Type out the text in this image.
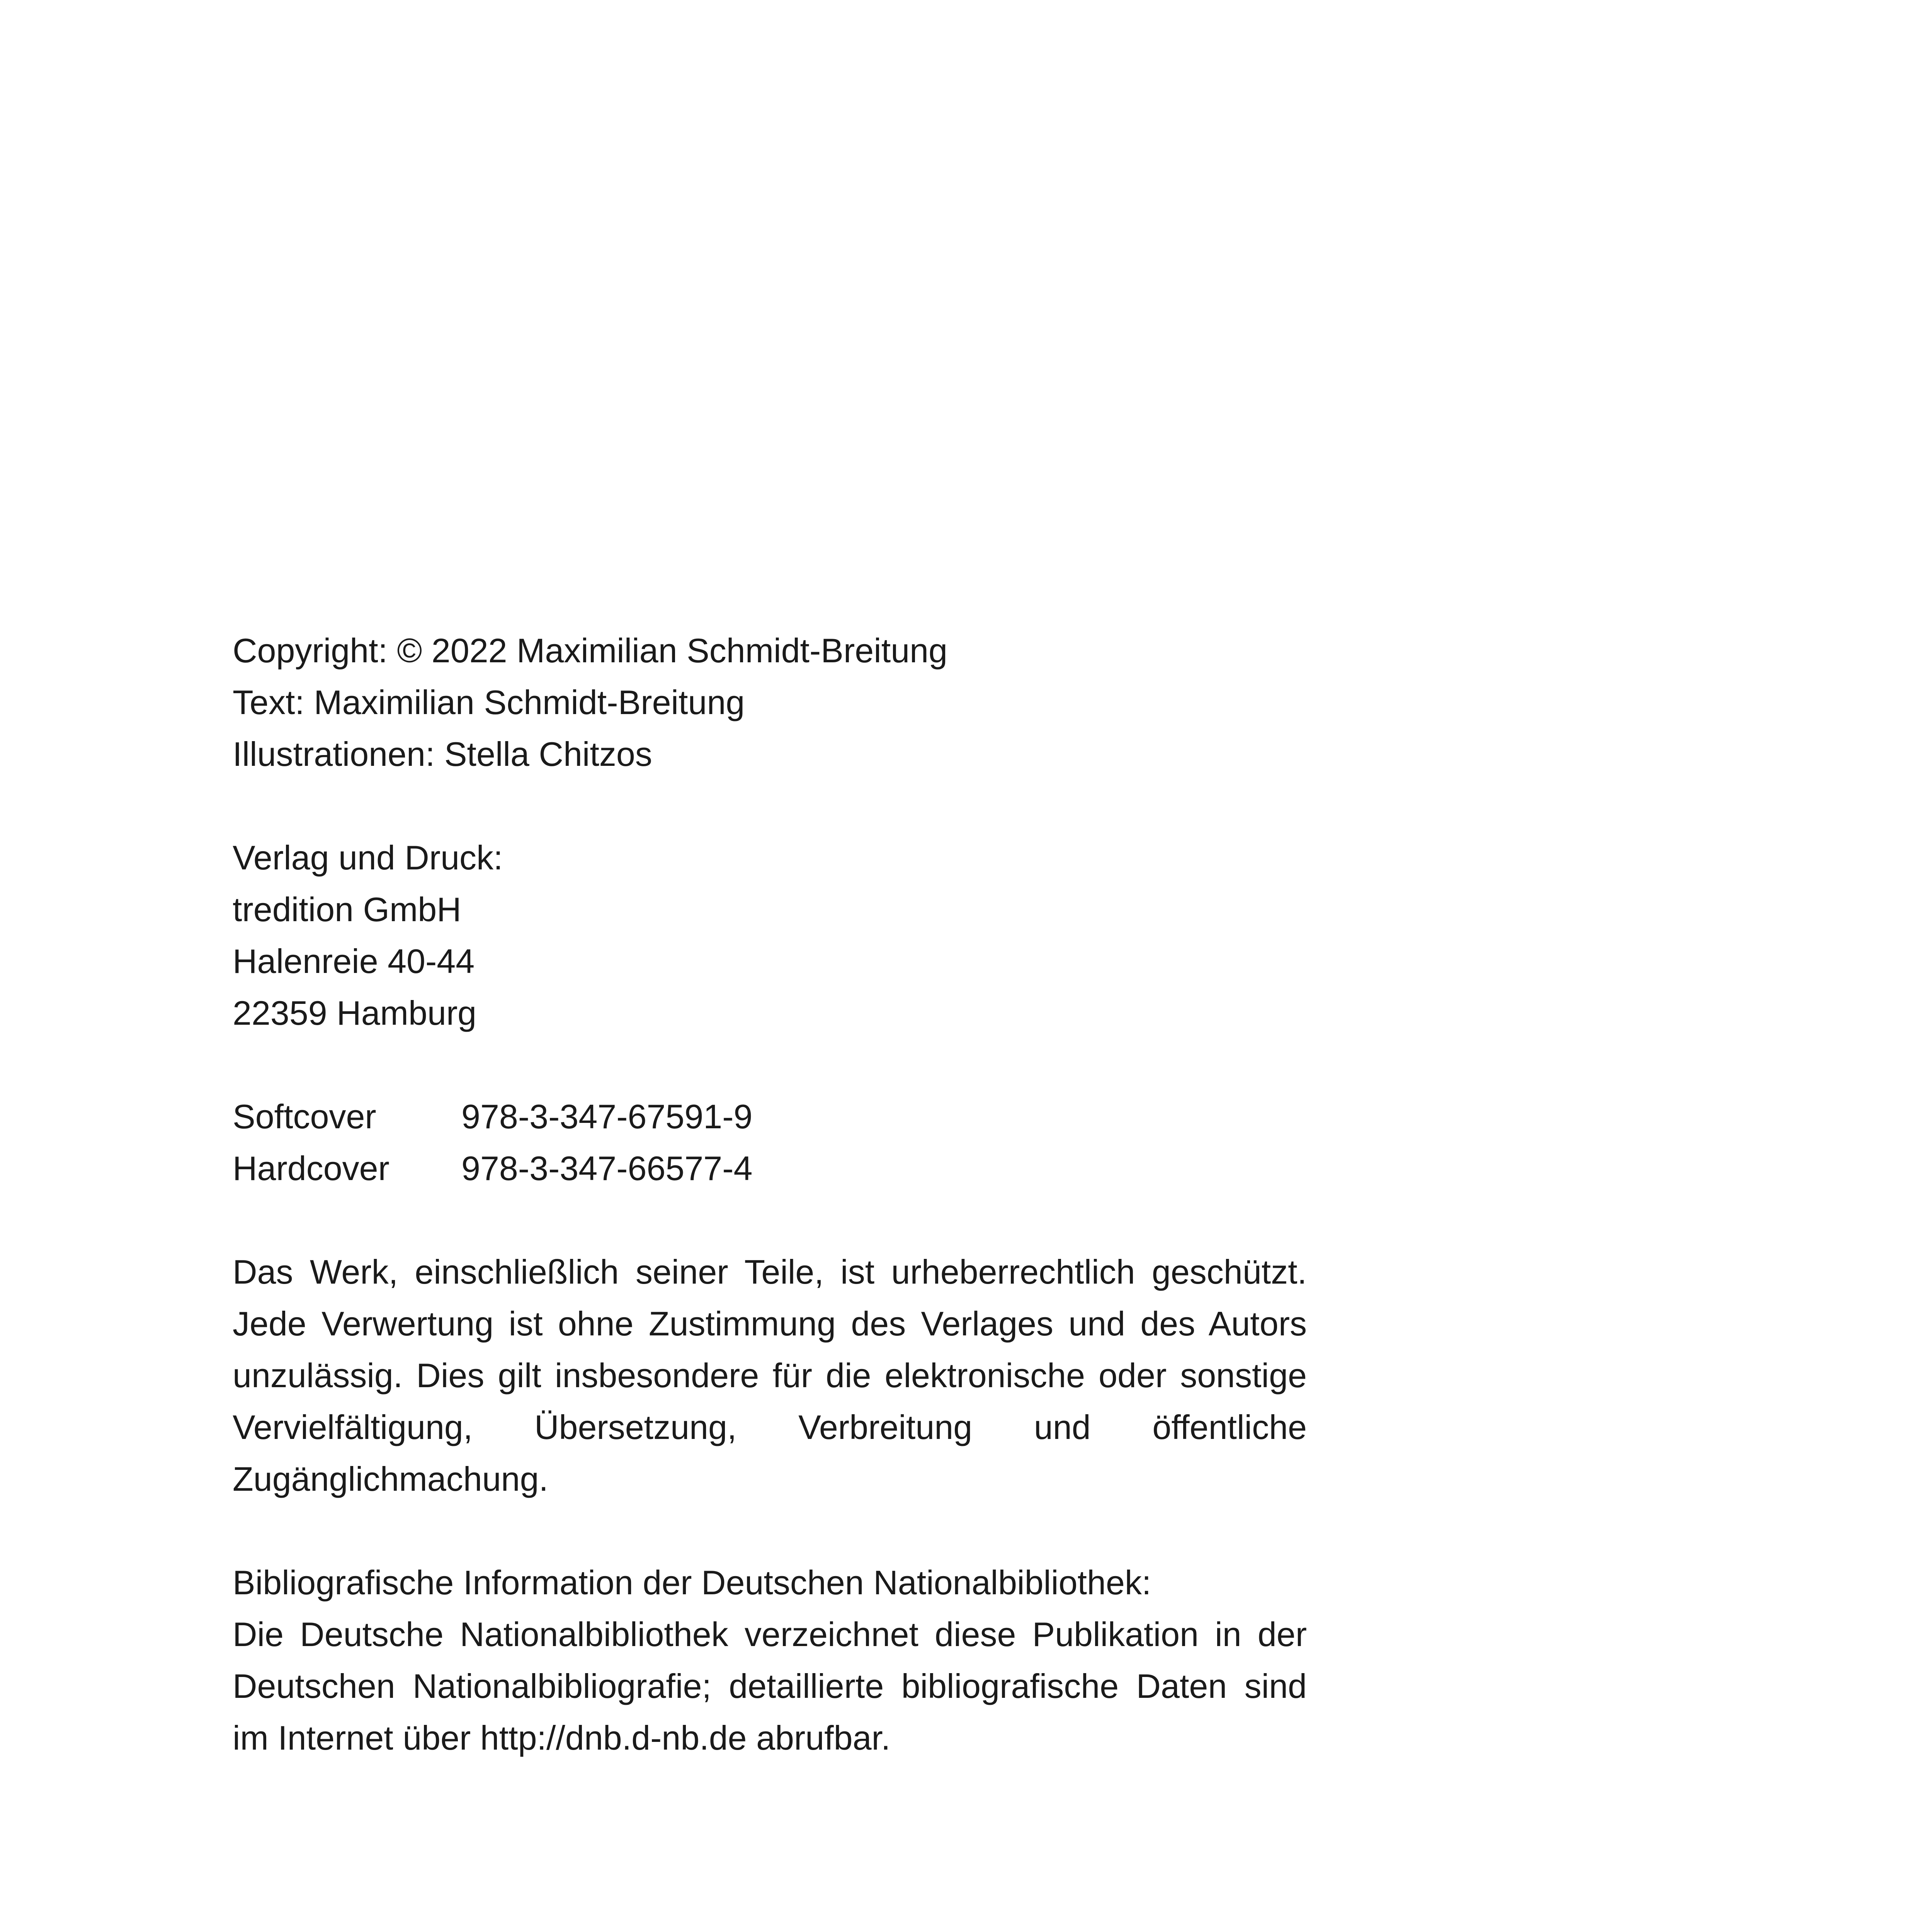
Copyright: © 2022 Maximilian Schmidt-Breitung
Text: Maximilian Schmidt-Breitung
Illustrationen: Stella Chitzos
Verlag und Druck:
tredition GmbH
Halenreie 40-44
22359 Hamburg
Softcover	978-3-347-67591-9
Hardcover	978-3-347-66577-4
Das Werk, einschließlich seiner Teile, ist urheberrechtlich geschützt. Jede Verwertung ist ohne Zustimmung des Verlages und des Autors unzulässig. Dies gilt insbesondere für die elektronische oder sonstige Vervielfältigung, Übersetzung, Verbreitung und öffentliche Zugänglichmachung.
Bibliografische Information der Deutschen Nationalbibliothek:
Die Deutsche Nationalbibliothek verzeichnet diese Publikation in der Deutschen Nationalbibliografie; detaillierte bibliografische Daten sind im Internet über http://dnb.d-nb.de abrufbar.
